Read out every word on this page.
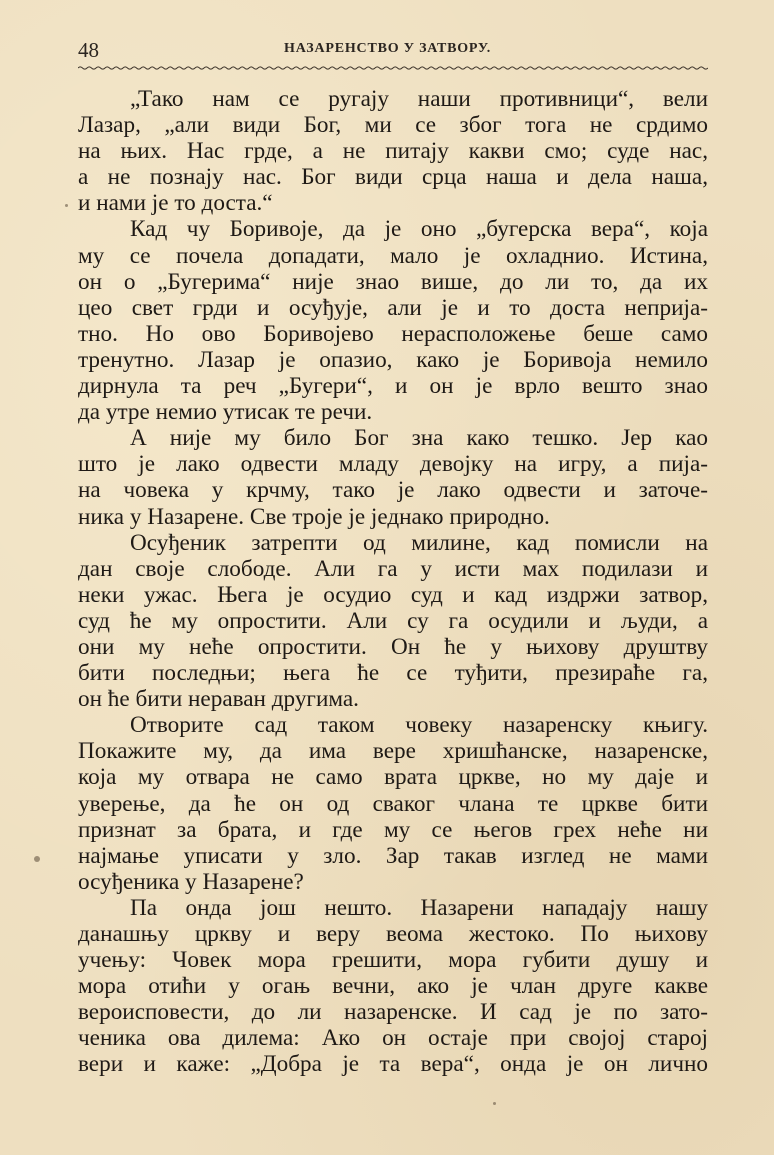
48	НАЗАРЕНСТВО У ЗАТВОРУ.
„Тако нам се ругају наши противници“, вели
Лазар, „али види Бог, ми се због тога не срдимо
на њих. Нас грде, а не питају какви смо; суде нас,
а не познају нас. Бог види срца наша и дела наша,
и нами је то доста.“
Кад чу Боривоје, да је оно „бугерска вера“, која
му се почела допадати, мало је охладнио. Истина,
он о „Бугерима“ није знао више, до ли то, да их
цео свет грди и осуђује, али је и то доста неприја-
тно. Но ово Боривојево нерасположење беше само
тренутно. Лазар је опазио, како је Боривоја немило
дирнула та реч „Бугери“, и он је врло вешто знао
да утре немио утисак те речи.
А није му било Бог зна како тешко. Јер као
што је лако одвести младу девојку на игру, а пија-
на човека у крчму, тако је лако одвести и заточе-
ника у Назарене. Све троје је једнако природно.
Осуђеник затрепти од милине, кад помисли на
дан своје слободе. Али га у исти мах подилази и
неки ужас. Њега је осудио суд и кад издржи затвор,
суд ће му опростити. Али су га осудили и људи, а
они му неће опростити. Он ће у њихову друштву
бити последњи; њега ће се туђити, презираће га,
он ће бити нераван другима.
Отворите сад таком човеку назаренску књигу.
Покажите му, да има вере хришћанске, назаренске,
која му отвара не само врата цркве, но му даје и
уверење, да ће он од сваког члана те цркве бити
признат за брата, и где му се његов грех неће ни
најмање уписати у зло. Зар такав изглед не мами
осуђеника у Назарене?
Па онда још нешто. Назарени нападају нашу
данашњу цркву и веру веома жестоко. По њихову
учењу: Човек мора грешити, мора губити душу и
мора отићи у огањ вечни, ако је члан друге какве
вероисповести, до ли назаренске. И сад је по зато-
ченика ова дилема: Ако он остаје при својој старој
вери и каже: „Добра је та вера“, онда је он лично
